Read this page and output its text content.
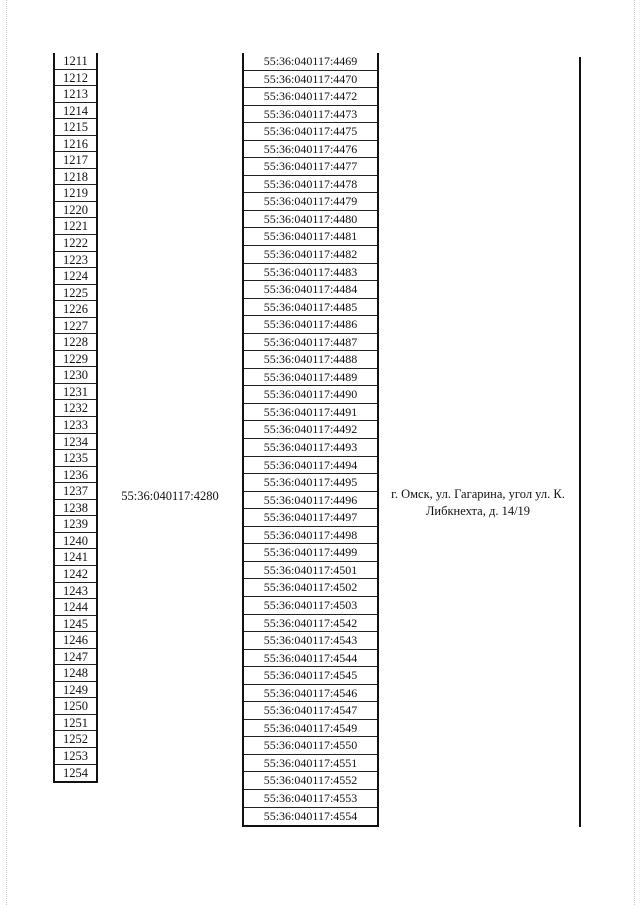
1211
1212
1213
1214
1215
1216
1217
1218
1219
1220
1221
1222
1223
1224
1225
1226
1227
1228
1229
1230
1231
1232
1233
1234
1235
1236
1237
1238
1239
1240
1241
1242
1243
1244
1245
1246
1247
1248
1249
1250
1251
1252
1253
1254
55:36:040117:4280
55:36:040117:4469
55:36:040117:4470
55:36:040117:4472
55:36:040117:4473
55:36:040117:4475
55:36:040117:4476
55:36:040117:4477
55:36:040117:4478
55:36:040117:4479
55:36:040117:4480
55:36:040117:4481
55:36:040117:4482
55:36:040117:4483
55:36:040117:4484
55:36:040117:4485
55:36:040117:4486
55:36:040117:4487
55:36:040117:4488
55:36:040117:4489
55:36:040117:4490
55:36:040117:4491
55:36:040117:4492
55:36:040117:4493
55:36:040117:4494
55:36:040117:4495
55:36:040117:4496
55:36:040117:4497
55:36:040117:4498
55:36:040117:4499
55:36:040117:4501
55:36:040117:4502
55:36:040117:4503
55:36:040117:4542
55:36:040117:4543
55:36:040117:4544
55:36:040117:4545
55:36:040117:4546
55:36:040117:4547
55:36:040117:4549
55:36:040117:4550
55:36:040117:4551
55:36:040117:4552
55:36:040117:4553
55:36:040117:4554
г. Омск, ул. Гагарина, угол ул. К.
Либкнехта, д. 14/19
